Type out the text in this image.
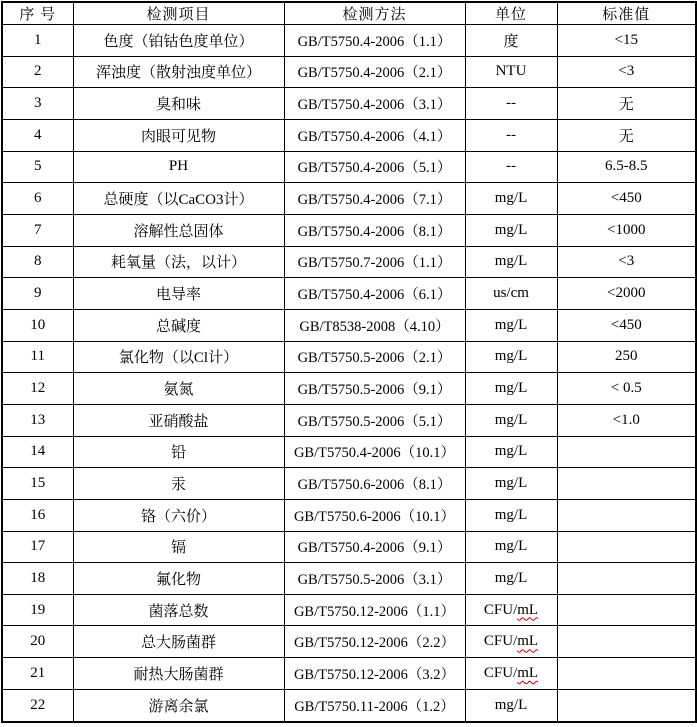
序 号	检测项目	检测方法	单位	标准值
1	色度（铂钴色度单位）	GB/T5750.4-2006（1.1）	度	<15
2	浑浊度（散射浊度单位）	GB/T5750.4-2006（2.1）	NTU	<3
3	臭和味	GB/T5750.4-2006（3.1）	--	无
4	肉眼可见物	GB/T5750.4-2006（4.1）	--	无
5	PH	GB/T5750.4-2006（5.1）	--	6.5-8.5
6	总硬度（以CaCO3计）	GB/T5750.4-2006（7.1）	mg/L	<450
7	溶解性总固体	GB/T5750.4-2006（8.1）	mg/L	<1000
8	耗氧量（法，以计）	GB/T5750.7-2006（1.1）	mg/L	<3
9	电导率	GB/T5750.4-2006（6.1）	us/cm	<2000
10	总碱度	GB/T8538-2008（4.10）	mg/L	<450
11	氯化物（以Cl计）	GB/T5750.5-2006（2.1）	mg/L	250
12	氨氮	GB/T5750.5-2006（9.1）	mg/L	< 0.5
13	亚硝酸盐	GB/T5750.5-2006（5.1）	mg/L	<1.0
14	铅	GB/T5750.4-2006（10.1）	mg/L	
15	汞	GB/T5750.6-2006（8.1）	mg/L	
16	铬（六价）	GB/T5750.6-2006（10.1）	mg/L	
17	镉	GB/T5750.4-2006（9.1）	mg/L	
18	氟化物	GB/T5750.5-2006（3.1）	mg/L	
19	菌落总数	GB/T5750.12-2006（1.1）	CFU/mL	
20	总大肠菌群	GB/T5750.12-2006（2.2）	CFU/mL	
21	耐热大肠菌群	GB/T5750.12-2006（3.2）	CFU/mL	
22	游离余氯	GB/T5750.11-2006（1.2）	mg/L	
